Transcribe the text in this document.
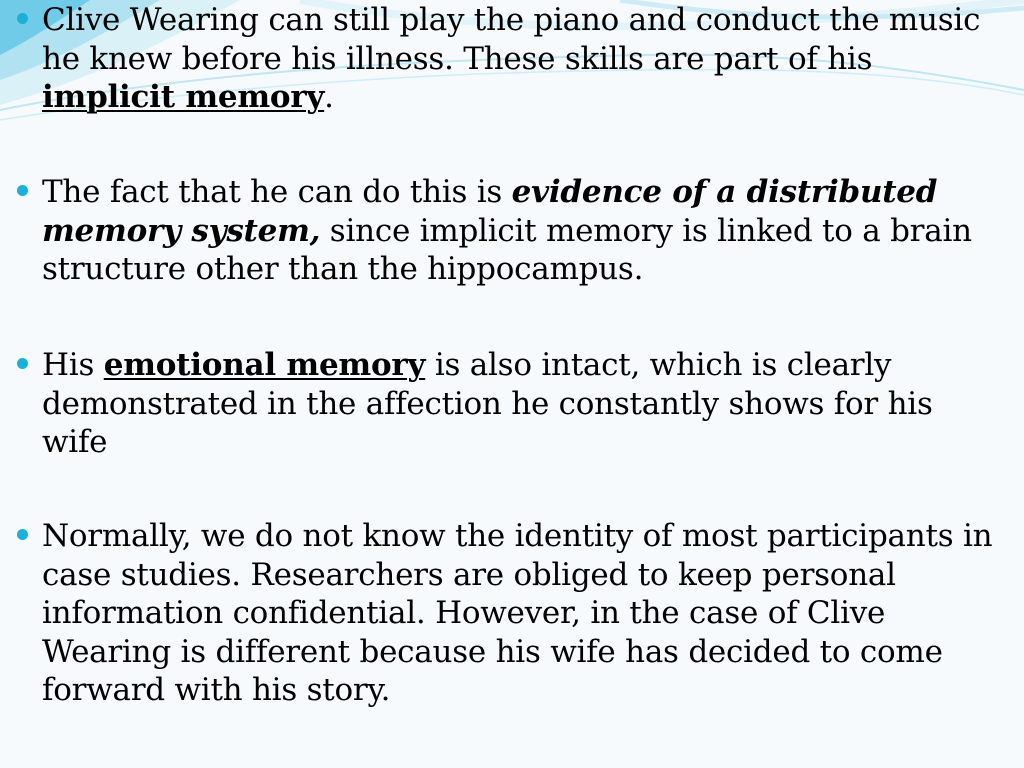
Clive Wearing can still play the piano and conduct the music he knew before his illness. These skills are part of his implicit memory.
The fact that he can do this is evidence of a distributed memory system, since implicit memory is linked to a brain structure other than the hippocampus.
His emotional memory is also intact, which is clearly demonstrated in the affection he constantly shows for his wife
Normally, we do not know the identity of most participants in case studies. Researchers are obliged to keep personal information confidential. However, in the case of Clive Wearing is different because his wife has decided to come forward with his story.
